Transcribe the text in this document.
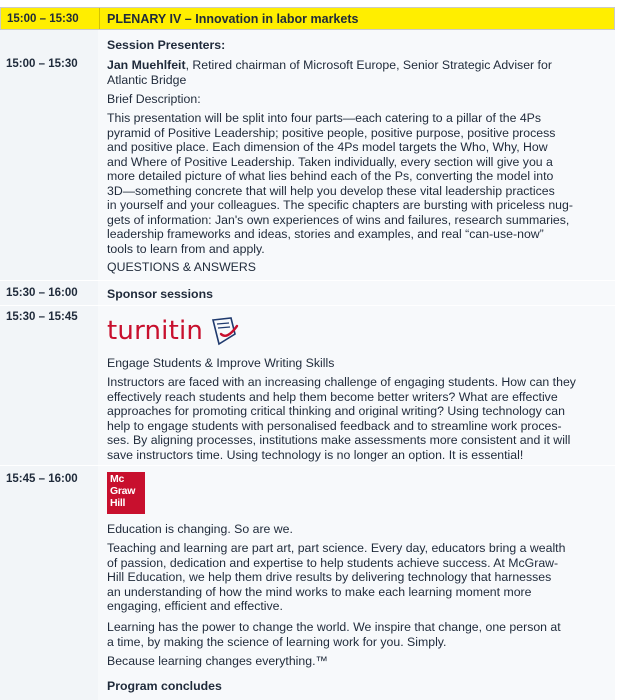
15:00 – 15:30 PLENARY IV – Innovation in labor markets
Session Presenters:
15:00 – 15:30	Jan Muehlfeit, Retired chairman of Microsoft Europe, Senior Strategic Adviser for
Atlantic Bridge
Brief Description:
This presentation will be split into four parts—each catering to a pillar of the 4Ps
pyramid of Positive Leadership; positive people, positive purpose, positive process
and positive place. Each dimension of the 4Ps model targets the Who, Why, How
and Where of Positive Leadership. Taken individually, every section will give you a
more detailed picture of what lies behind each of the Ps, converting the model into
3D—something concrete that will help you develop these vital leadership practices
in yourself and your colleagues. The specific chapters are bursting with priceless nug-
gets of information: Jan's own experiences of wins and failures, research summaries,
leadership frameworks and ideas, stories and examples, and real “can-use-now”
tools to learn from and apply.
QUESTIONS & ANSWERS
15:30 – 16:00	Sponsor sessions
15:30 – 15:45	turnitin
Engage Students & Improve Writing Skills
Instructors are faced with an increasing challenge of engaging students. How can they
effectively reach students and help them become better writers? What are effective
approaches for promoting critical thinking and original writing? Using technology can
help to engage students with personalised feedback and to streamline work proces-
ses. By aligning processes, institutions make assessments more consistent and it will
save instructors time. Using technology is no longer an option. It is essential!
15:45 – 16:00	Mc
Graw
Hill
Education is changing. So are we.
Teaching and learning are part art, part science. Every day, educators bring a wealth
of passion, dedication and expertise to help students achieve success. At McGraw-
Hill Education, we help them drive results by delivering technology that harnesses
an understanding of how the mind works to make each learning moment more
engaging, efficient and effective.
Learning has the power to change the world. We inspire that change, one person at
a time, by making the science of learning work for you. Simply.
Because learning changes everything.™
Program concludes
